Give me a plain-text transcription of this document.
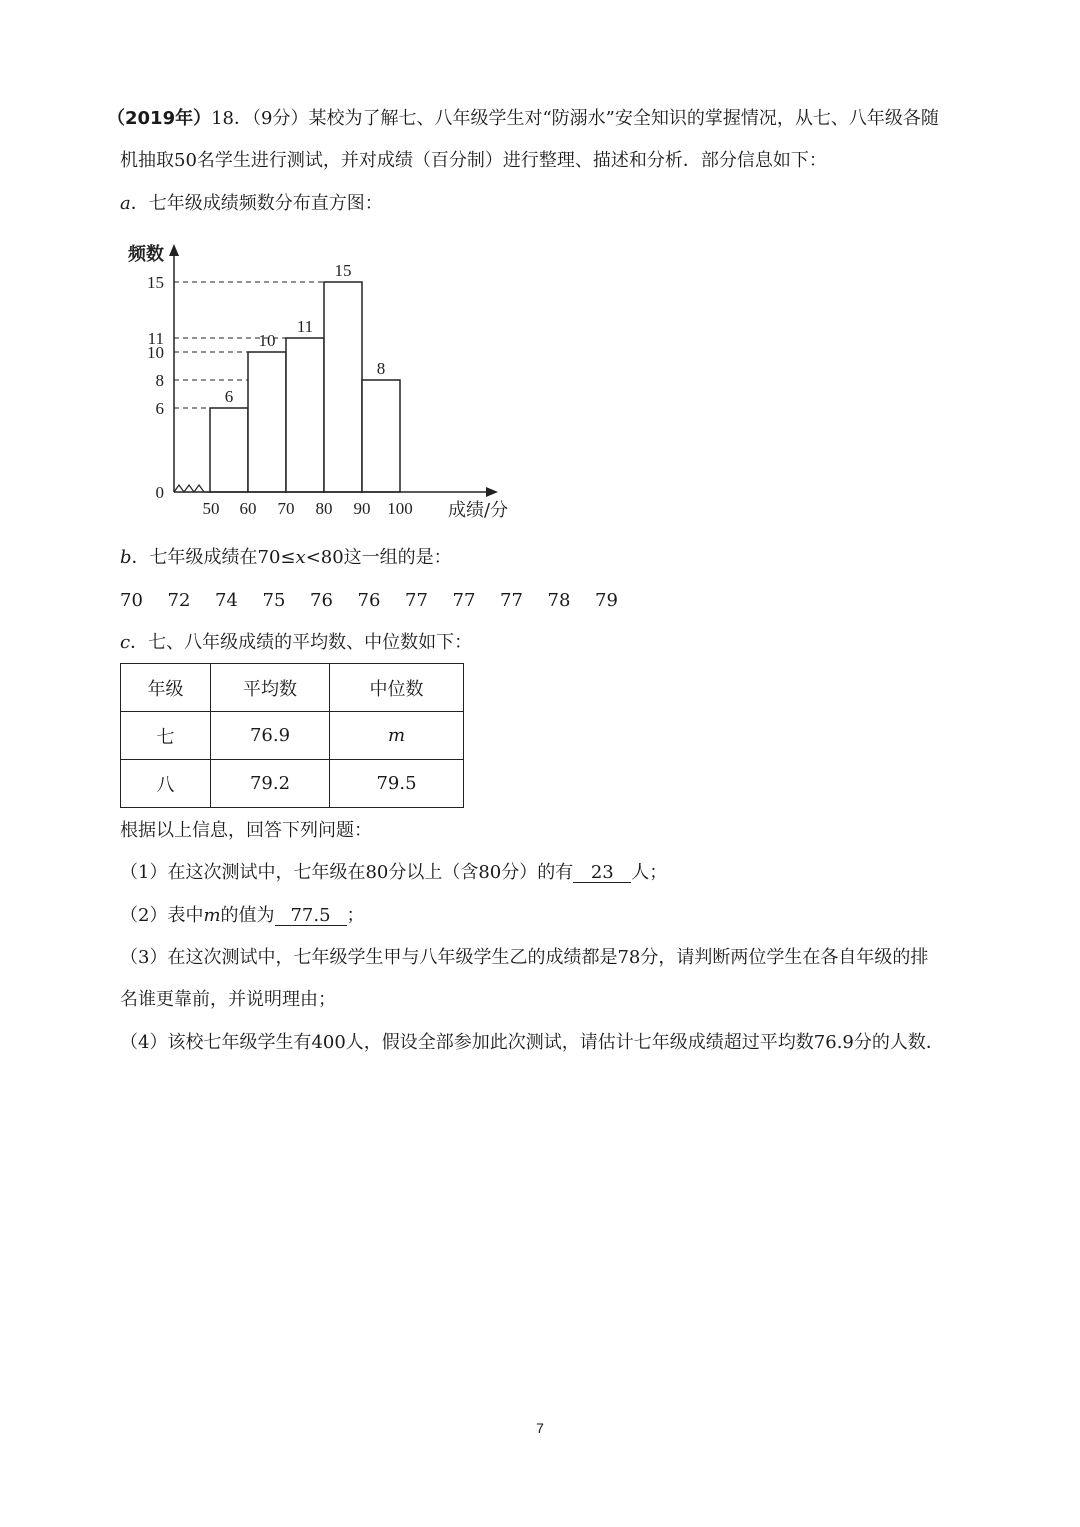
（2019年）18．（9分）某校为了解七、八年级学生对“防溺水”安全知识的掌握情况，从七、八年级各随
机抽取50名学生进行测试，并对成绩（百分制）进行整理、描述和分析．部分信息如下：
a．七年级成绩频数分布直方图：
6
10
11
15
8
0
6
8
10
11
15
50 60 70 80 90 100
频数
成绩/分
b．七年级成绩在70≤x<80这一组的是：
70 72 74 75 76 76 77 77 77 78 79
c．七、八年级成绩的平均数、中位数如下：
年级	平均数	中位数
七	76.9	m
八	79.2	79.5
根据以上信息，回答下列问题：
（1）在这次测试中，七年级在80分以上（含80分）的有 23 人；
（2）表中m的值为 77.5 ；
（3）在这次测试中，七年级学生甲与八年级学生乙的成绩都是78分，请判断两位学生在各自年级的排
名谁更靠前，并说明理由；
（4）该校七年级学生有400人，假设全部参加此次测试，请估计七年级成绩超过平均数76.9分的人数．
7
